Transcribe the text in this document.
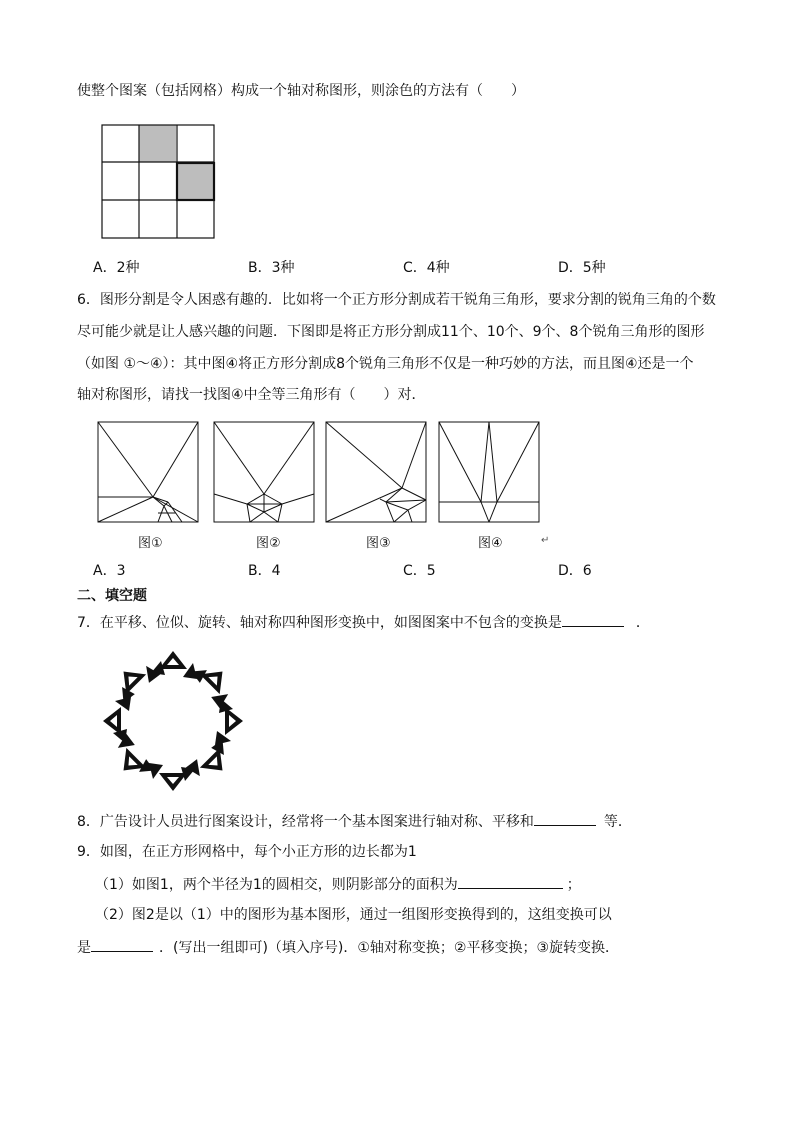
使整个图案（包括网格）构成一个轴对称图形，则涂色的方法有（　　）
A．2种	B．3种	C．4种	D．5种
6．图形分割是令人困惑有趣的．比如将一个正方形分割成若干锐角三角形，要求分割的锐角三角的个数
尽可能少就是让人感兴趣的问题．下图即是将正方形分割成11个、10个、9个、8个锐角三角形的图形
（如图 ①～④）：其中图④将正方形分割成8个锐角三角形不仅是一种巧妙的方法，而且图④还是一个
轴对称图形，请找一找图④中全等三角形有（　　）对．
图①	图②	图③	图④	↵
A．3	B．4	C．5	D．6
二、填空题
7．在平移、位似、旋转、轴对称四种图形变换中，如图图案中不包含的变换是	．
8．广告设计人员进行图案设计，经常将一个基本图案进行轴对称、平移和	等．
9．如图，在正方形网格中，每个小正方形的边长都为1
（1）如图1，两个半径为1的圆相交，则阴影部分的面积为	；
（2）图2是以（1）中的图形为基本图形，通过一组图形变换得到的，这组变换可以
是	．(写出一组即可)（填入序号)．①轴对称变换；②平移变换；③旋转变换．
